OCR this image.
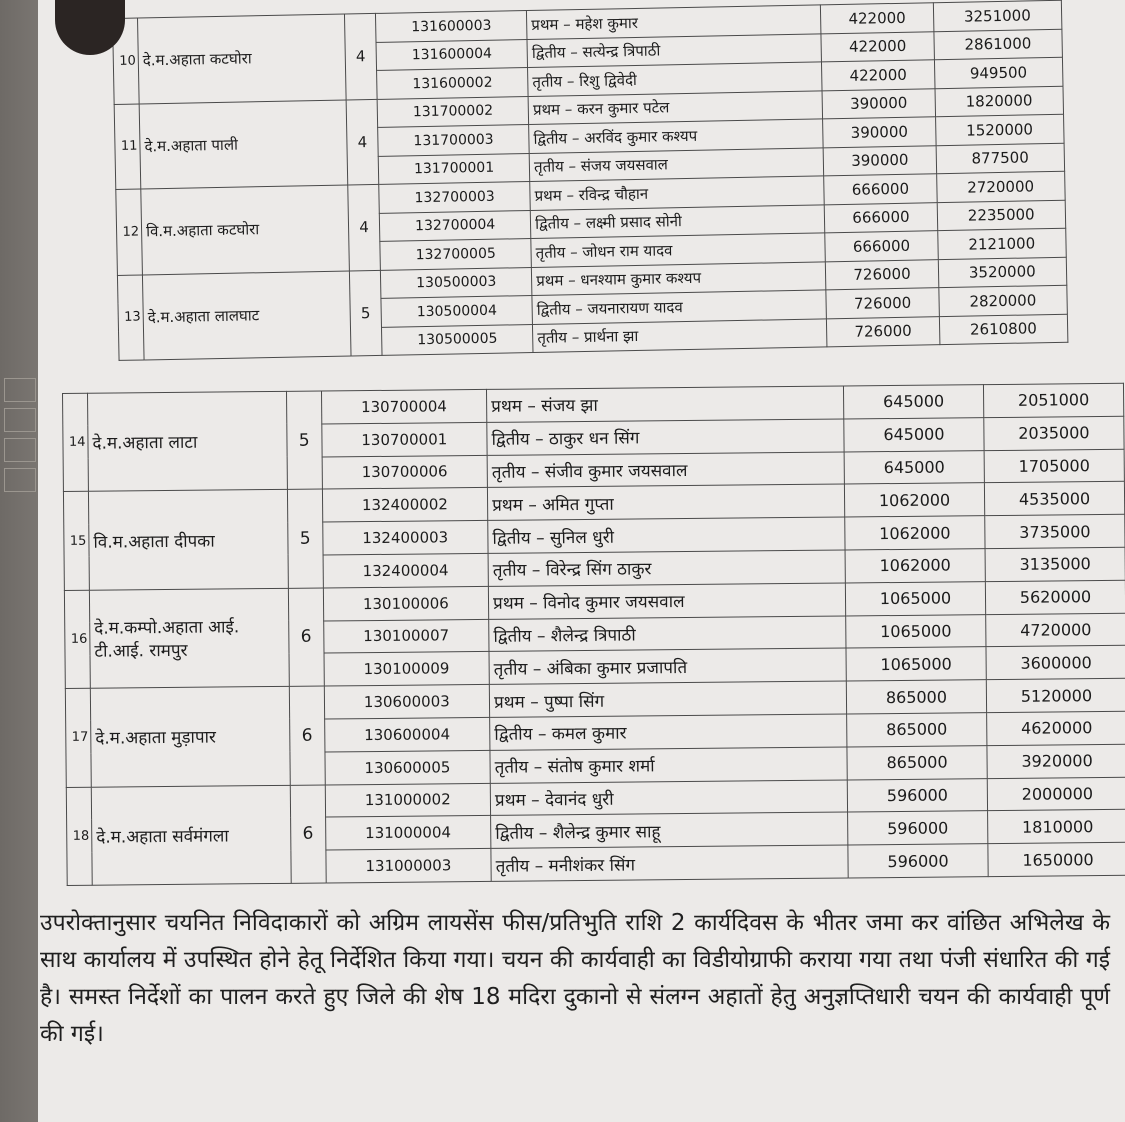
10	दे.म.अहाता कटघोरा	4	131600003	प्रथम – महेश कुमार	422000	3251000
			131600004	द्वितीय – सत्येन्द्र त्रिपाठी	422000	2861000
			131600002	तृतीय – रिशु द्विवेदी	422000	949500
11	दे.म.अहाता पाली	4	131700002	प्रथम – करन कुमार पटेल	390000	1820000
			131700003	द्वितीय – अरविंद कुमार कश्यप	390000	1520000
			131700001	तृतीय – संजय जयसवाल	390000	877500
12	वि.म.अहाता कटघोरा	4	132700003	प्रथम – रविन्द्र चौहान	666000	2720000
			132700004	द्वितीय – लक्ष्मी प्रसाद सोनी	666000	2235000
			132700005	तृतीय – जोधन राम यादव	666000	2121000
13	दे.म.अहाता लालघाट	5	130500003	प्रथम – धनश्याम कुमार कश्यप	726000	3520000
			130500004	द्वितीय – जयनारायण यादव	726000	2820000
			130500005	तृतीय – प्रार्थना झा	726000	2610800
14	दे.म.अहाता लाटा	5	130700004	प्रथम – संजय झा	645000	2051000
			130700001	द्वितीय – ठाकुर धन सिंग	645000	2035000
			130700006	तृतीय – संजीव कुमार जयसवाल	645000	1705000
15	वि.म.अहाता दीपका	5	132400002	प्रथम – अमित गुप्ता	1062000	4535000
			132400003	द्वितीय – सुनिल धुरी	1062000	3735000
			132400004	तृतीय – विरेन्द्र सिंग ठाकुर	1062000	3135000
16	दे.म.कम्पो.अहाता आई. टी.आई. रामपुर	6	130100006	प्रथम – विनोद कुमार जयसवाल	1065000	5620000
			130100007	द्वितीय – शैलेन्द्र त्रिपाठी	1065000	4720000
			130100009	तृतीय – अंबिका कुमार प्रजापति	1065000	3600000
17	दे.म.अहाता मुड़ापार	6	130600003	प्रथम – पुष्पा सिंग	865000	5120000
			130600004	द्वितीय – कमल कुमार	865000	4620000
			130600005	तृतीय – संतोष कुमार शर्मा	865000	3920000
18	दे.म.अहाता सर्वमंगला	6	131000002	प्रथम – देवानंद धुरी	596000	2000000
			131000004	द्वितीय – शैलेन्द्र कुमार साहू	596000	1810000
			131000003	तृतीय – मनीशंकर सिंग	596000	1650000
उपरोक्तानुसार चयनित निविदाकारों को अग्रिम लायसेंस फीस/प्रतिभुति राशि 2 कार्यदिवस के भीतर जमा कर वांछित अभिलेख के साथ कार्यालय में उपस्थित होने हेतू निर्देशित किया गया। चयन की कार्यवाही का विडीयोग्राफी कराया गया तथा पंजी संधारित की गई है। समस्त निर्देशों का पालन करते हुए जिले की शेष 18 मदिरा दुकानो से संलग्न अहातों हेतु अनुज्ञप्तिधारी चयन की कार्यवाही पूर्ण की गई।
